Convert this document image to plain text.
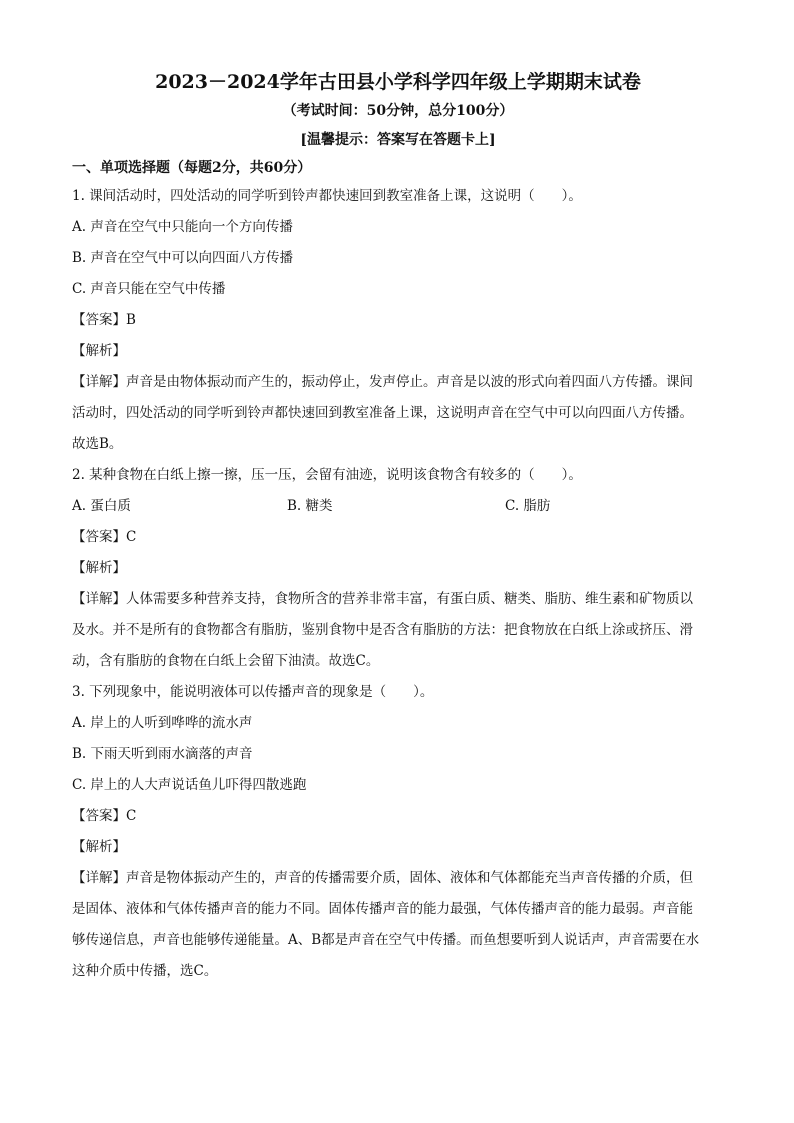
2023－2024学年古田县小学科学四年级上学期期末试卷
（考试时间：50分钟，总分100分）
[温馨提示：答案写在答题卡上]
一、单项选择题（每题2分，共60分）
1. 课间活动时，四处活动的同学听到铃声都快速回到教室准备上课，这说明（　　）。
A. 声音在空气中只能向一个方向传播
B. 声音在空气中可以向四面八方传播
C. 声音只能在空气中传播
【答案】B
【解析】
【详解】声音是由物体振动而产生的，振动停止，发声停止。声音是以波的形式向着四面八方传播。课间
活动时，四处活动的同学听到铃声都快速回到教室准备上课，这说明声音在空气中可以向四面八方传播。
故选B。
2. 某种食物在白纸上擦一擦，压一压，会留有油迹，说明该食物含有较多的（　　）。
A. 蛋白质	B. 糖类	C. 脂肪
【答案】C
【解析】
【详解】人体需要多种营养支持，食物所含的营养非常丰富，有蛋白质、糖类、脂肪、维生素和矿物质以
及水。并不是所有的食物都含有脂肪，鉴别食物中是否含有脂肪的方法：把食物放在白纸上涂或挤压、滑
动，含有脂肪的食物在白纸上会留下油渍。故选C。
3. 下列现象中，能说明液体可以传播声音的现象是（　　）。
A. 岸上的人听到哗哗的流水声
B. 下雨天听到雨水滴落的声音
C. 岸上的人大声说话鱼儿吓得四散逃跑
【答案】C
【解析】
【详解】声音是物体振动产生的，声音的传播需要介质，固体、液体和气体都能充当声音传播的介质，但
是固体、液体和气体传播声音的能力不同。固体传播声音的能力最强，气体传播声音的能力最弱。声音能
够传递信息，声音也能够传递能量。A、B都是声音在空气中传播。而鱼想要听到人说话声，声音需要在水
这种介质中传播，选C。
